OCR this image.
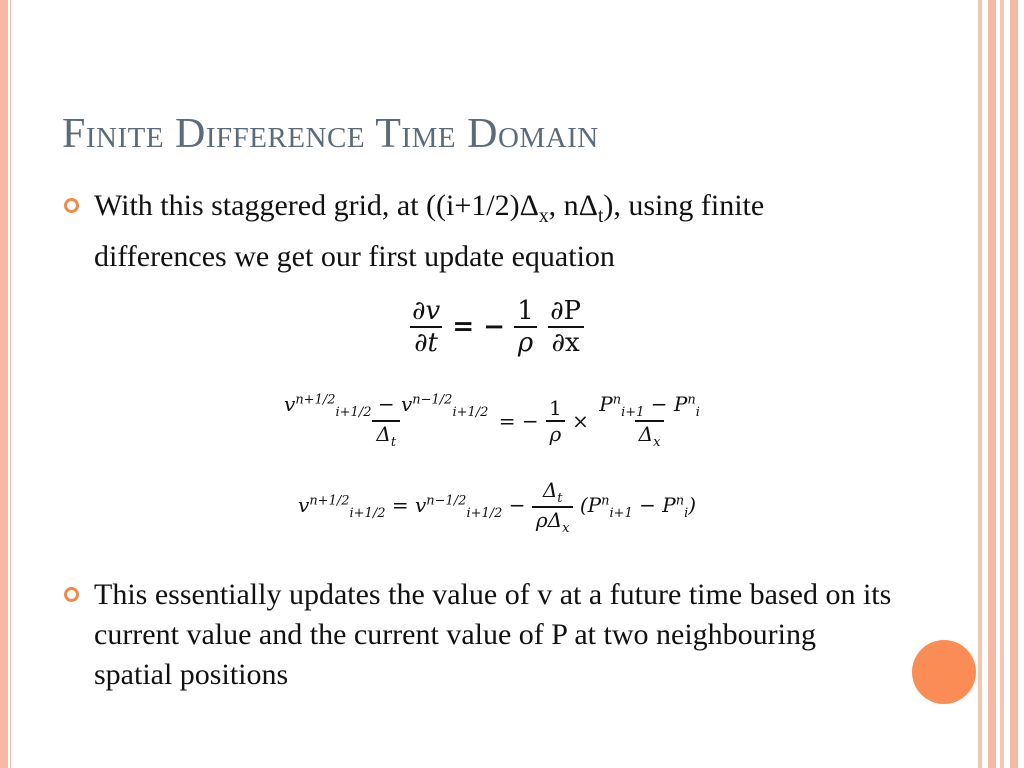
Finite Difference Time Domain
With this staggered grid, at ($(i+1/2)\Delta_x$, $n\Delta_t$), using finite differences we get our first update equation
$\frac{\partial v}{\partial t}$ = − $\frac{1}{\rho}$
$\frac{\partial P}{\partial x}$
$\frac{v^{n+1/2}_{i+1/2} - v^{n-1/2}_{i+1/2}}{\Delta_t}$ = − $\frac{1}{\rho} \times \frac{P^n_{i+1} - P^n_i}{\Delta_x}$
$v^{n+1/2}_{i+1/2} = v^{n-1/2}_{i+1/2} - \frac{\Delta_t}{\rho\Delta_x} (P^n_{i+1} - P^n_i)$
This essentially updates the value of v at a future time based on its current value and the current value of P at two neighbouring spatial positions
